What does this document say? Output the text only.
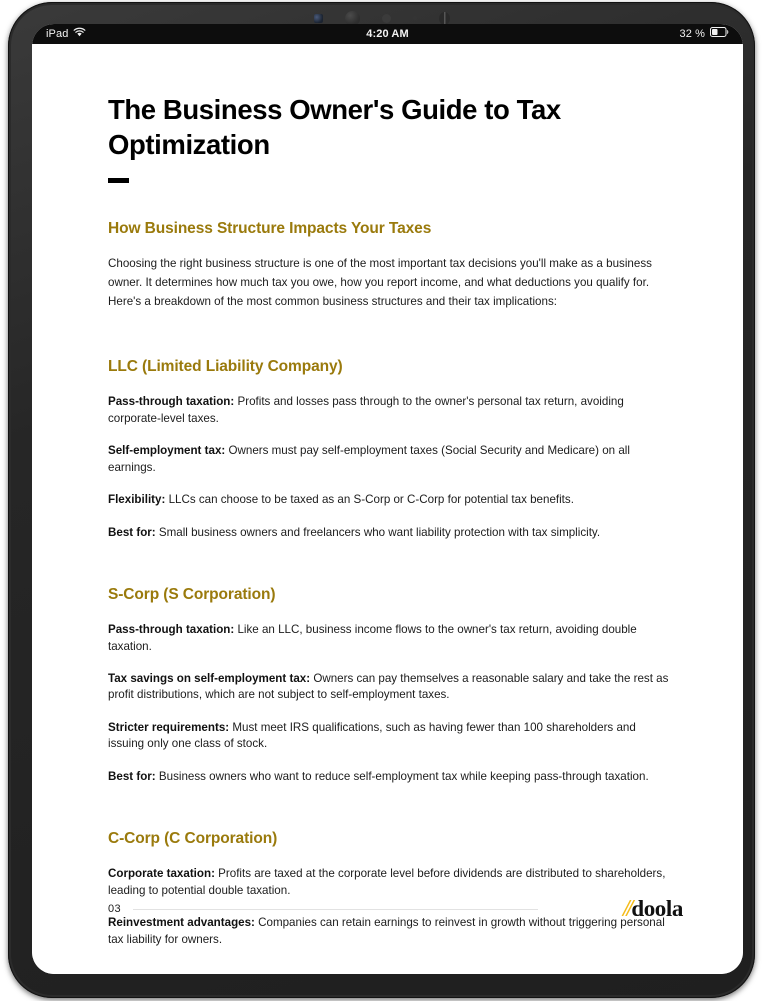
iPad	4:20 AM	32 %
The Business Owner's Guide to Tax Optimization
How Business Structure Impacts Your Taxes

Choosing the right business structure is one of the most important tax decisions you'll make as a business owner. It determines how much tax you owe, how you report income, and what deductions you qualify for. Here's a breakdown of the most common business structures and their tax implications:

LLC (Limited Liability Company)

Pass-through taxation: Profits and losses pass through to the owner's personal tax return, avoiding corporate-level taxes.

Self-employment tax: Owners must pay self-employment taxes (Social Security and Medicare) on all earnings.

Flexibility: LLCs can choose to be taxed as an S-Corp or C-Corp for potential tax benefits.

Best for: Small business owners and freelancers who want liability protection with tax simplicity.

S-Corp (S Corporation)

Pass-through taxation: Like an LLC, business income flows to the owner's tax return, avoiding double taxation.

Tax savings on self-employment tax: Owners can pay themselves a reasonable salary and take the rest as profit distributions, which are not subject to self-employment taxes.

Stricter requirements: Must meet IRS qualifications, such as having fewer than 100 shareholders and issuing only one class of stock.

Best for: Business owners who want to reduce self-employment tax while keeping pass-through taxation.

C-Corp (C Corporation)

Corporate taxation: Profits are taxed at the corporate level before dividends are distributed to shareholders, leading to potential double taxation.

Reinvestment advantages: Companies can retain earnings to reinvest in growth without triggering personal tax liability for owners.

03	// doola
